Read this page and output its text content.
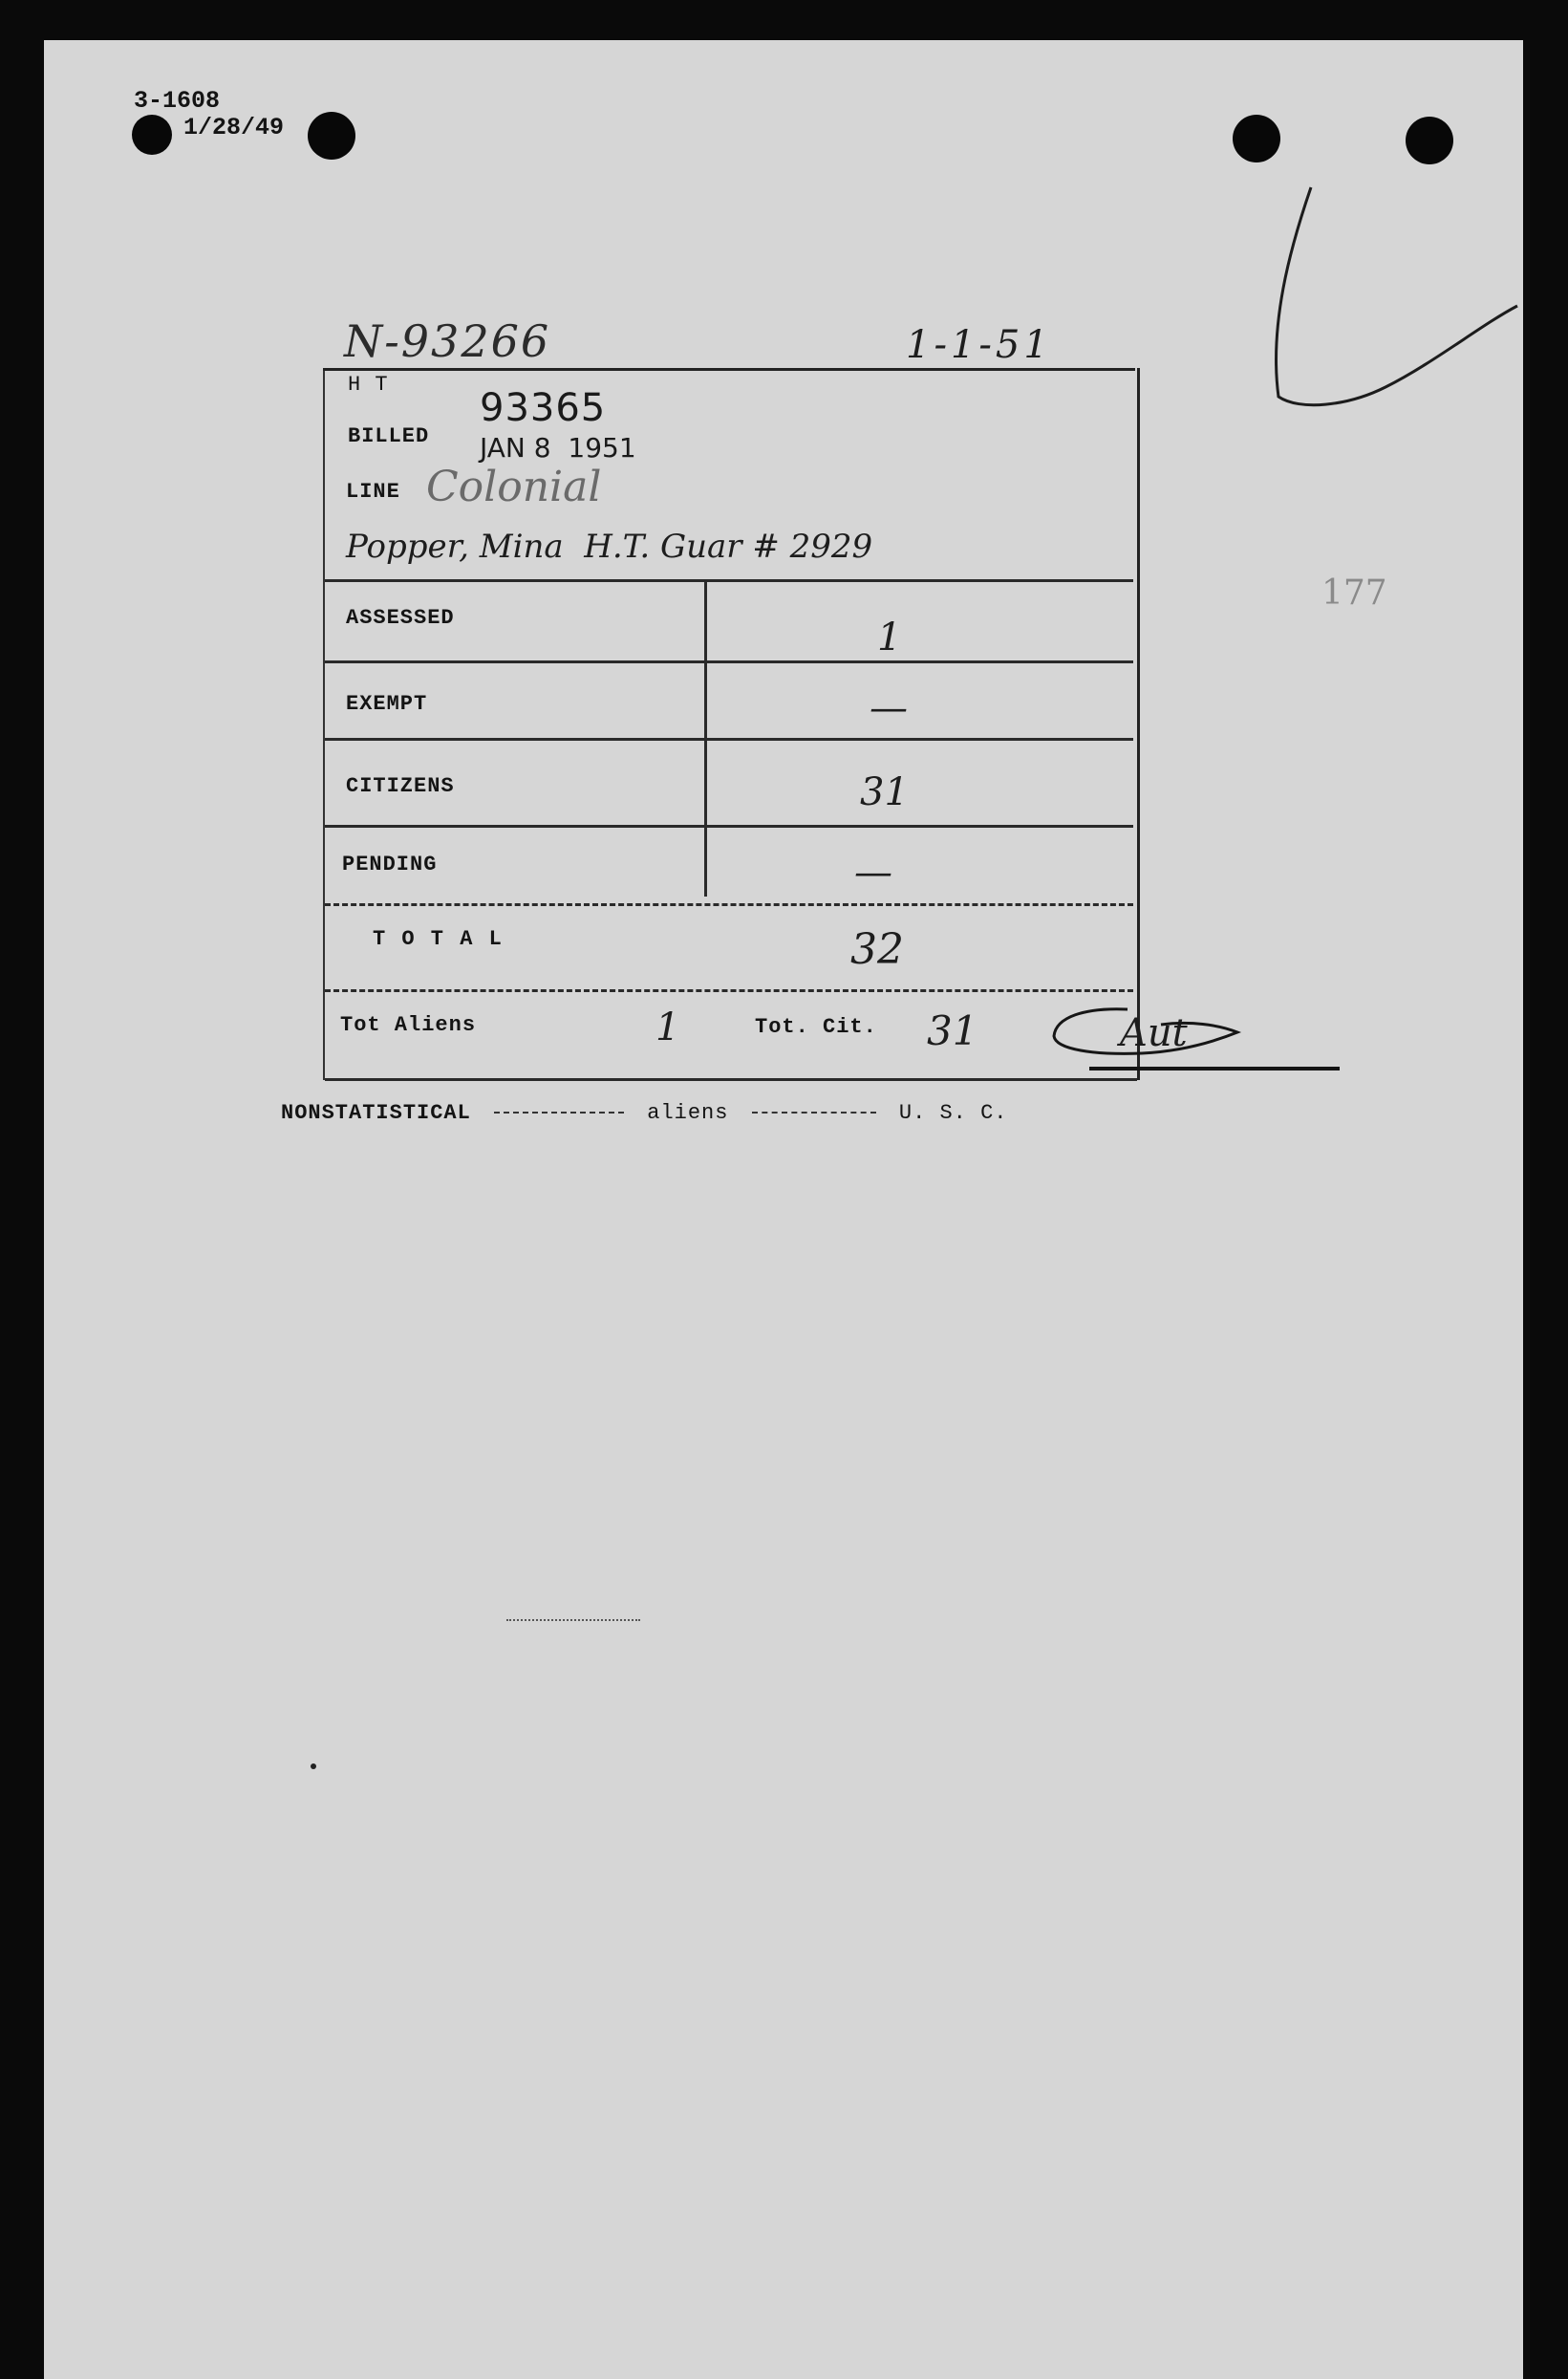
3-1608
1/28/49
N-93266	1-1-51
177
H T
BILLED
93365
JAN 8  1951
LINE Colonial
Popper, Mina  H.T. Guar # 2929
ASSESSED	1
EXEMPT	—
CITIZENS	31
PENDING	—
T O T A L	32
Tot Aliens	1	Tot. Cit. 31	Aut
NONSTATISTICAL	aliens	U. S. C.
